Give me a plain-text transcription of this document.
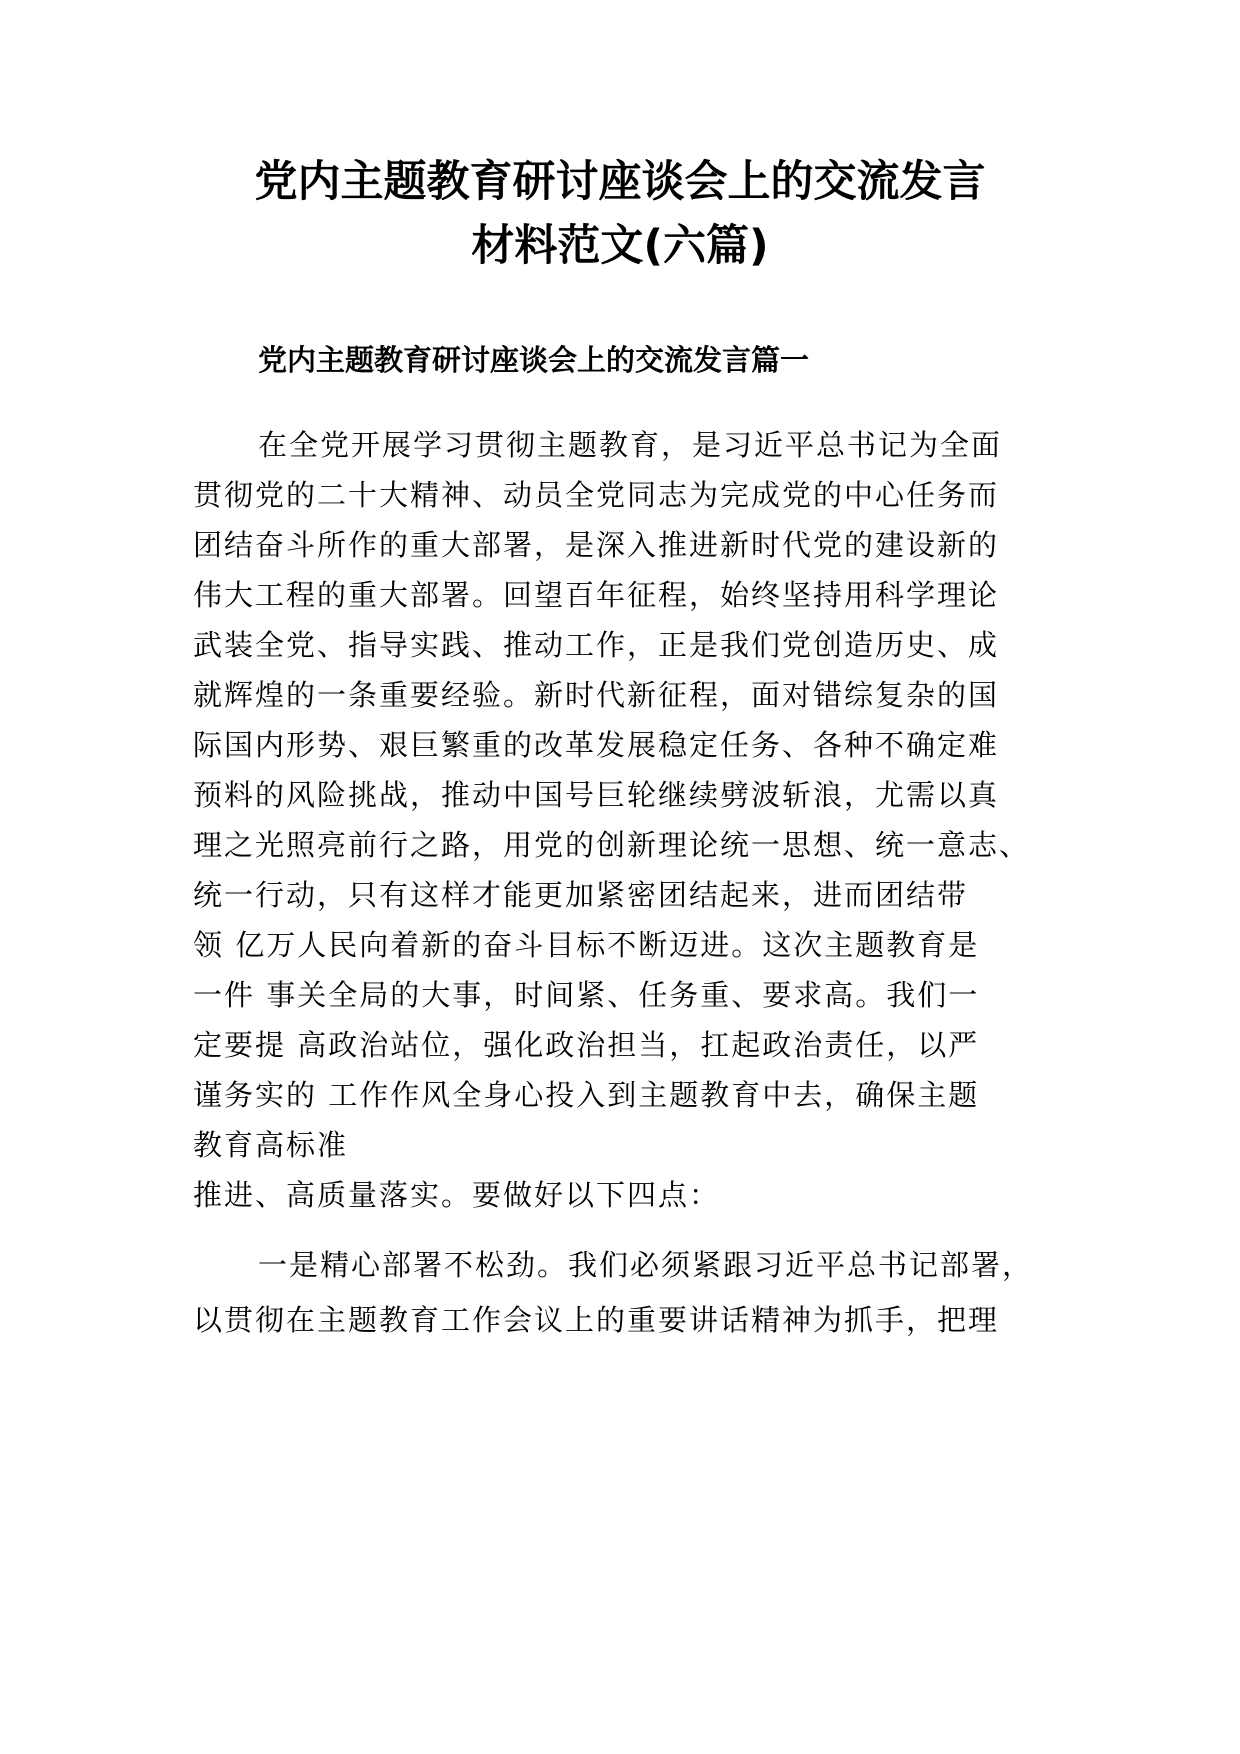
党内主题教育研讨座谈会上的交流发言
材料范文(六篇)
党内主题教育研讨座谈会上的交流发言篇一

在全党开展学习贯彻主题教育，是习近平总书记为全面

贯彻党的二十大精神、动员全党同志为完成党的中心任务而

团结奋斗所作的重大部署，是深入推进新时代党的建设新的

伟大工程的重大部署。回望百年征程，始终坚持用科学理论

武装全党、指导实践、推动工作，正是我们党创造历史、成

就辉煌的一条重要经验。新时代新征程，面对错综复杂的国

际国内形势、艰巨繁重的改革发展稳定任务、各种不确定难

预料的风险挑战，推动中国号巨轮继续劈波斩浪，尤需以真

理之光照亮前行之路，用党的创新理论统一思想、统一意志、

统一行动，只有这样才能更加紧密团结起来，进而团结带

领 亿万人民向着新的奋斗目标不断迈进。这次主题教育是

一件 事关全局的大事，时间紧、任务重、要求高。我们一

定要提 高政治站位，强化政治担当，扛起政治责任，以严

谨务实的 工作作风全身心投入到主题教育中去，确保主题

教育高标准

推进、高质量落实。要做好以下四点：

一是精心部署不松劲。我们必须紧跟习近平总书记部署，

以贯彻在主题教育工作会议上的重要讲话精神为抓手，把理
